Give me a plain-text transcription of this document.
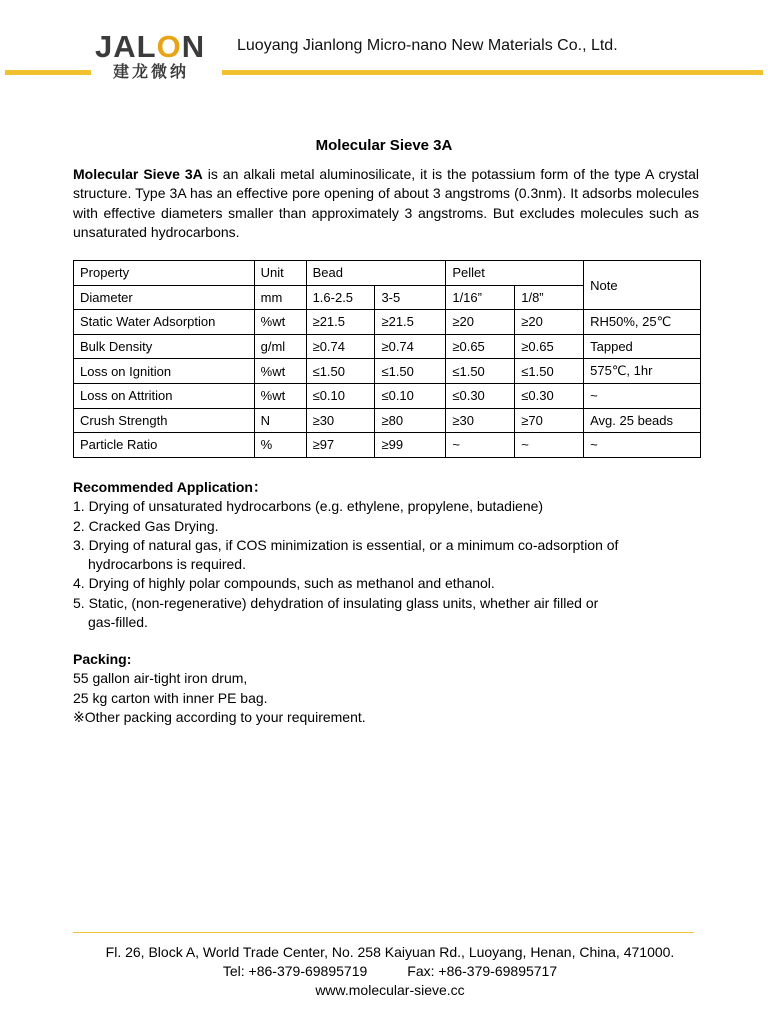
JALON
建龙微纳
Luoyang Jianlong Micro-nano New Materials Co., Ltd.
Molecular Sieve 3A
Molecular Sieve 3A is an alkali metal aluminosilicate, it is the potassium form of the type A crystal structure. Type 3A has an effective pore opening of about 3 angstroms (0.3nm). It adsorbs molecules with effective diameters smaller than approximately 3 angstroms. But excludes molecules such as unsaturated hydrocarbons.
Property	Unit	Bead		Pellet		Note
Diameter	mm	1.6-2.5	3-5	1/16”	1/8”	
Static Water Adsorption	%wt	≥21.5	≥21.5	≥20	≥20	RH50%, 25℃
Bulk Density	g/ml	≥0.74	≥0.74	≥0.65	≥0.65	Tapped
Loss on Ignition	%wt	≤1.50	≤1.50	≤1.50	≤1.50	575℃, 1hr
Loss on Attrition	%wt	≤0.10	≤0.10	≤0.30	≤0.30	~
Crush Strength	N	≥30	≥80	≥30	≥70	Avg. 25 beads
Particle Ratio	%	≥97	≥99	~	~	~
Recommended Application：
1. Drying of unsaturated hydrocarbons (e.g. ethylene, propylene, butadiene)
2. Cracked Gas Drying.
3. Drying of natural gas, if COS minimization is essential, or a minimum co-adsorption of
hydrocarbons is required.
4. Drying of highly polar compounds, such as methanol and ethanol.
5. Static, (non-regenerative) dehydration of insulating glass units, whether air filled or
gas-filled.
Packing:
55 gallon air-tight iron drum,
25 kg carton with inner PE bag.
※Other packing according to your requirement.
Fl. 26, Block A, World Trade Center, No. 258 Kaiyuan Rd., Luoyang, Henan, China, 471000.
Tel: +86-379-69895719	Fax: +86-379-69895717
www.molecular-sieve.cc
